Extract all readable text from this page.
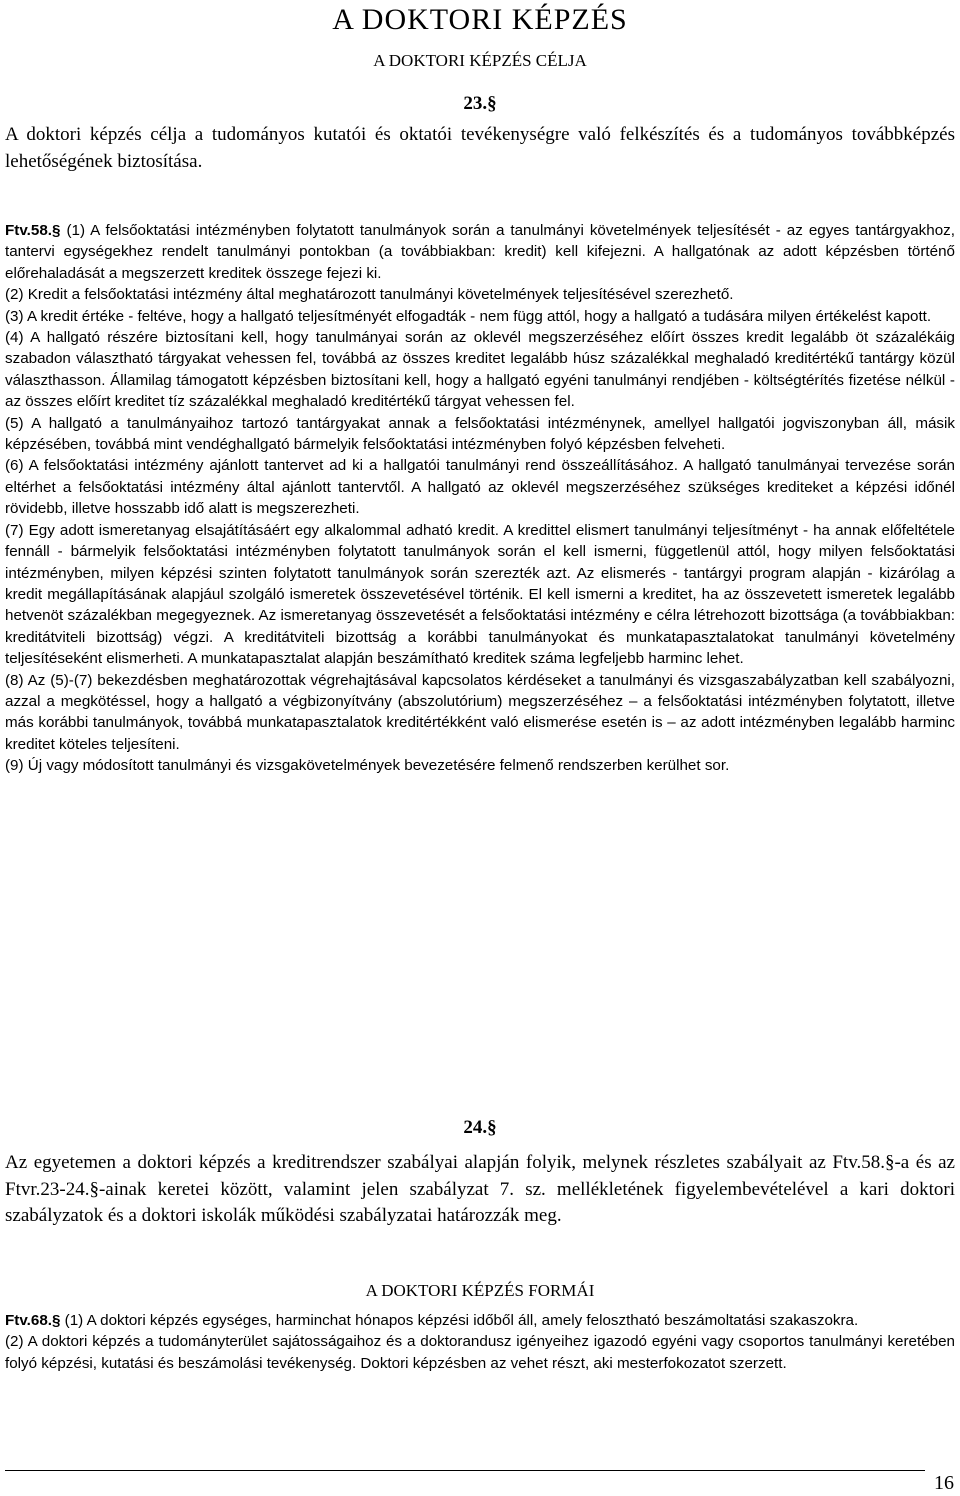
A DOKTORI KÉPZÉS
A DOKTORI KÉPZÉS CÉLJA
23.§
A doktori képzés célja a tudományos kutatói és oktatói tevékenységre való felkészítés és a tudományos továbbképzés lehetőségének biztosítása.

Ftv.58.§ (1) A felsőoktatási intézményben folytatott tanulmányok során a tanulmányi követelmények teljesítését - az egyes tantárgyakhoz, tantervi egységekhez rendelt tanulmányi pontokban (a továbbiakban: kredit) kell kifejezni. A hallgatónak az adott képzésben történő előrehaladását a megszerzett kreditek összege fejezi ki.

(2) Kredit a felsőoktatási intézmény által meghatározott tanulmányi követelmények teljesítésével szerezhető.

(3) A kredit értéke - feltéve, hogy a hallgató teljesítményét elfogadták - nem függ attól, hogy a hallgató a tudására milyen értékelést kapott.

(4) A hallgató részére biztosítani kell, hogy tanulmányai során az oklevél megszerzéséhez előírt összes kredit legalább öt százalékáig szabadon választható tárgyakat vehessen fel, továbbá az összes kreditet legalább húsz százalékkal meghaladó kreditértékű tantárgy közül választhasson. Államilag támogatott képzésben biztosítani kell, hogy a hallgató egyéni tanulmányi rendjében - költségtérítés fizetése nélkül - az összes előírt kreditet tíz százalékkal meghaladó kreditértékű tárgyat vehessen fel.

(5) A hallgató a tanulmányaihoz tartozó tantárgyakat annak a felsőoktatási intézménynek, amellyel hallgatói jogviszonyban áll, másik képzésében, továbbá mint vendéghallgató bármelyik felsőoktatási intézményben folyó képzésben felveheti.

(6) A felsőoktatási intézmény ajánlott tantervet ad ki a hallgatói tanulmányi rend összeállításához. A hallgató tanulmányai tervezése során eltérhet a felsőoktatási intézmény által ajánlott tantervtől. A hallgató az oklevél megszerzéséhez szükséges krediteket a képzési időnél rövidebb, illetve hosszabb idő alatt is megszerezheti.

(7) Egy adott ismeretanyag elsajátításáért egy alkalommal adható kredit. A kredittel elismert tanulmányi teljesítményt - ha annak előfeltétele fennáll - bármelyik felsőoktatási intézményben folytatott tanulmányok során el kell ismerni, függetlenül attól, hogy milyen felsőoktatási intézményben, milyen képzési szinten folytatott tanulmányok során szerezték azt. Az elismerés - tantárgyi program alapján - kizárólag a kredit megállapításának alapjául szolgáló ismeretek összevetésével történik. El kell ismerni a kreditet, ha az összevetett ismeretek legalább hetvenöt százalékban megegyeznek. Az ismeretanyag összevetését a felsőoktatási intézmény e célra létrehozott bizottsága (a továbbiakban: kreditátviteli bizottság) végzi. A kreditátviteli bizottság a korábbi tanulmányokat és munkatapasztalatokat tanulmányi követelmény teljesítéseként elismerheti. A munkatapasztalat alapján beszámítható kreditek száma legfeljebb harminc lehet.

(8) Az (5)-(7) bekezdésben meghatározottak végrehajtásával kapcsolatos kérdéseket a tanulmányi és vizsgaszabályzatban kell szabályozni, azzal a megkötéssel, hogy a hallgató a végbizonyítvány (abszolutórium) megszerzéséhez – a felsőoktatási intézményben folytatott, illetve más korábbi tanulmányok, továbbá munkatapasztalatok kreditértékként való elismerése esetén is – az adott intézményben legalább harminc kreditet köteles teljesíteni.

(9) Új vagy módosított tanulmányi és vizsgakövetelmények bevezetésére felmenő rendszerben kerülhet sor.

24.§
Az egyetemen a doktori képzés a kreditrendszer szabályai alapján folyik, melynek részletes szabályait az Ftv.58.§-a és az Ftvr.23-24.§-ainak keretei között, valamint jelen szabályzat 7. sz. mellékletének figyelembevételével a kari doktori szabályzatok és a doktori iskolák működési szabályzatai határozzák meg.
A DOKTORI KÉPZÉS FORMÁI

Ftv.68.§ (1) A doktori képzés egységes, harminchat hónapos képzési időből áll, amely felosztható beszámoltatási szakaszokra.

(2) A doktori képzés a tudományterület sajátosságaihoz és a doktorandusz igényeihez igazodó egyéni vagy csoportos tanulmányi keretében folyó képzési, kutatási és beszámolási tevékenység. Doktori képzésben az vehet részt, aki mesterfokozatot szerzett.

16
